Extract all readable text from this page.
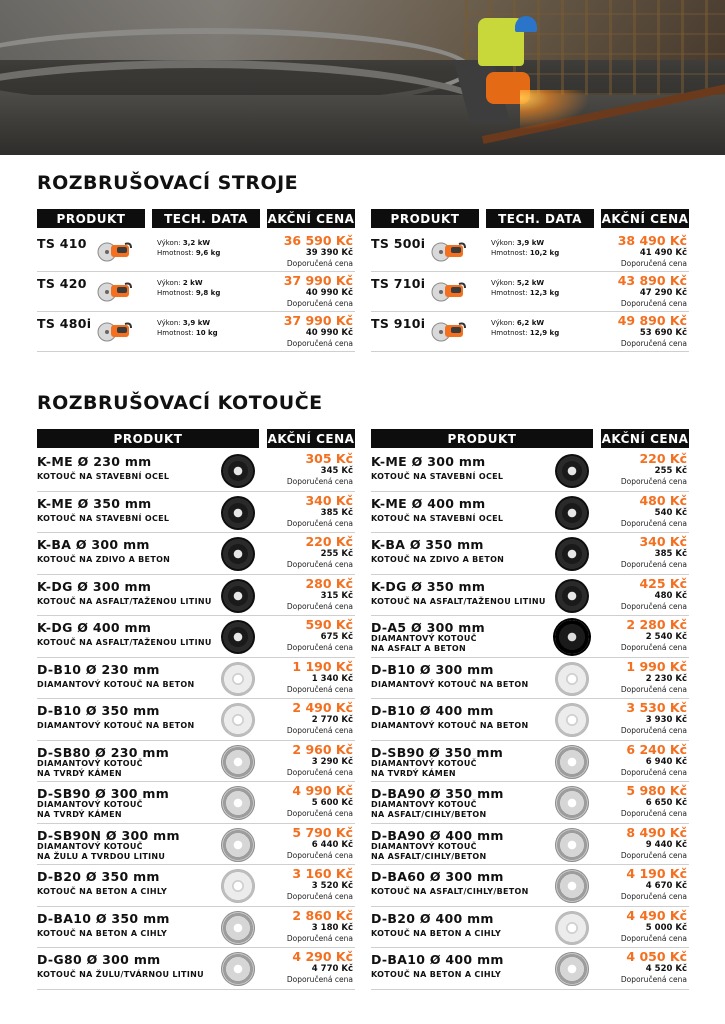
ROZBRUŠOVACÍ STROJE
PRODUKT	TECH. DATA	AKČNÍ CENA	PRODUKT	TECH. DATA	AKČNÍ CENA
TS 410	Výkon: 3,2 kW
Hmotnost: 9,6 kg
36 590 Kč
39 390 Kč
Doporučená cena
TS 420	Výkon: 2 kW
Hmotnost: 9,8 kg
37 990 Kč
40 990 Kč
Doporučená cena
TS 480i	Výkon: 3,9 kW
Hmotnost: 10 kg
37 990 Kč
40 990 Kč
Doporučená cena
TS 500i	Výkon: 3,9 kW
Hmotnost: 10,2 kg
38 490 Kč
41 490 Kč
Doporučená cena
TS 710i	Výkon: 5,2 kW
Hmotnost: 12,3 kg
43 890 Kč
47 290 Kč
Doporučená cena
TS 910i	Výkon: 6,2 kW
Hmotnost: 12,9 kg
49 890 Kč
53 690 Kč
Doporučená cena
ROZBRUŠOVACÍ KOTOUČE
PRODUKT	AKČNÍ CENA	PRODUKT	AKČNÍ CENA
K-ME Ø 230 mm
KOTOUČ NA STAVEBNÍ OCEL
305 Kč
345 Kč
Doporučená cena
K-ME Ø 350 mm
KOTOUČ NA STAVEBNÍ OCEL
340 Kč
385 Kč
Doporučená cena
K-BA Ø 300 mm
KOTOUČ NA ZDIVO A BETON
220 Kč
255 Kč
Doporučená cena
K-DG Ø 300 mm
KOTOUČ NA ASFALT/TAŽENOU LITINU
280 Kč
315 Kč
Doporučená cena
K-DG Ø 400 mm
KOTOUČ NA ASFALT/TAŽENOU LITINU
590 Kč
675 Kč
Doporučená cena
D-B10 Ø 230 mm
DIAMANTOVÝ KOTOUČ NA BETON
1 190 Kč
1 340 Kč
Doporučená cena
D-B10 Ø 350 mm
DIAMANTOVÝ KOTOUČ NA BETON
2 490 Kč
2 770 Kč
Doporučená cena
D-SB80 Ø 230 mm
DIAMANTOVÝ KOTOUČ
NA TVRDÝ KÁMEN
2 960 Kč
3 290 Kč
Doporučená cena
D-SB90 Ø 300 mm
DIAMANTOVÝ KOTOUČ
NA TVRDÝ KÁMEN
4 990 Kč
5 600 Kč
Doporučená cena
D-SB90N Ø 300 mm
DIAMANTOVÝ KOTOUČ
NA ŽULU A TVRDOU LITINU
5 790 Kč
6 440 Kč
Doporučená cena
D-B20 Ø 350 mm
KOTOUČ NA BETON A CIHLY
3 160 Kč
3 520 Kč
Doporučená cena
D-BA10 Ø 350 mm
KOTOUČ NA BETON A CIHLY
2 860 Kč
3 180 Kč
Doporučená cena
D-G80 Ø 300 mm
KOTOUČ NA ŽULU/TVÁRNOU LITINU
4 290 Kč
4 770 Kč
Doporučená cena
K-ME Ø 300 mm
KOTOUČ NA STAVEBNÍ OCEL
220 Kč
255 Kč
Doporučená cena
K-ME Ø 400 mm
KOTOUČ NA STAVEBNÍ OCEL
480 Kč
540 Kč
Doporučená cena
K-BA Ø 350 mm
KOTOUČ NA ZDIVO A BETON
340 Kč
385 Kč
Doporučená cena
K-DG Ø 350 mm
KOTOUČ NA ASFALT/TAŽENOU LITINU
425 Kč
480 Kč
Doporučená cena
D-A5 Ø 300 mm
DIAMANTOVÝ KOTOUČ
NA ASFALT A BETON
2 280 Kč
2 540 Kč
Doporučená cena
D-B10 Ø 300 mm
DIAMANTOVÝ KOTOUČ NA BETON
1 990 Kč
2 230 Kč
Doporučená cena
D-B10 Ø 400 mm
DIAMANTOVÝ KOTOUČ NA BETON
3 530 Kč
3 930 Kč
Doporučená cena
D-SB90 Ø 350 mm
DIAMANTOVÝ KOTOUČ
NA TVRDÝ KÁMEN
6 240 Kč
6 940 Kč
Doporučená cena
D-BA90 Ø 350 mm
DIAMANTOVÝ KOTOUČ
NA ASFALT/CIHLY/BETON
5 980 Kč
6 650 Kč
Doporučená cena
D-BA90 Ø 400 mm
DIAMANTOVÝ KOTOUČ
NA ASFALT/CIHLY/BETON
8 490 Kč
9 440 Kč
Doporučená cena
D-BA60 Ø 300 mm
KOTOUČ NA ASFALT/CIHLY/BETON
4 190 Kč
4 670 Kč
Doporučená cena
D-B20 Ø 400 mm
KOTOUČ NA BETON A CIHLY
4 490 Kč
5 000 Kč
Doporučená cena
D-BA10 Ø 400 mm
KOTOUČ NA BETON A CIHLY
4 050 Kč
4 520 Kč
Doporučená cena
